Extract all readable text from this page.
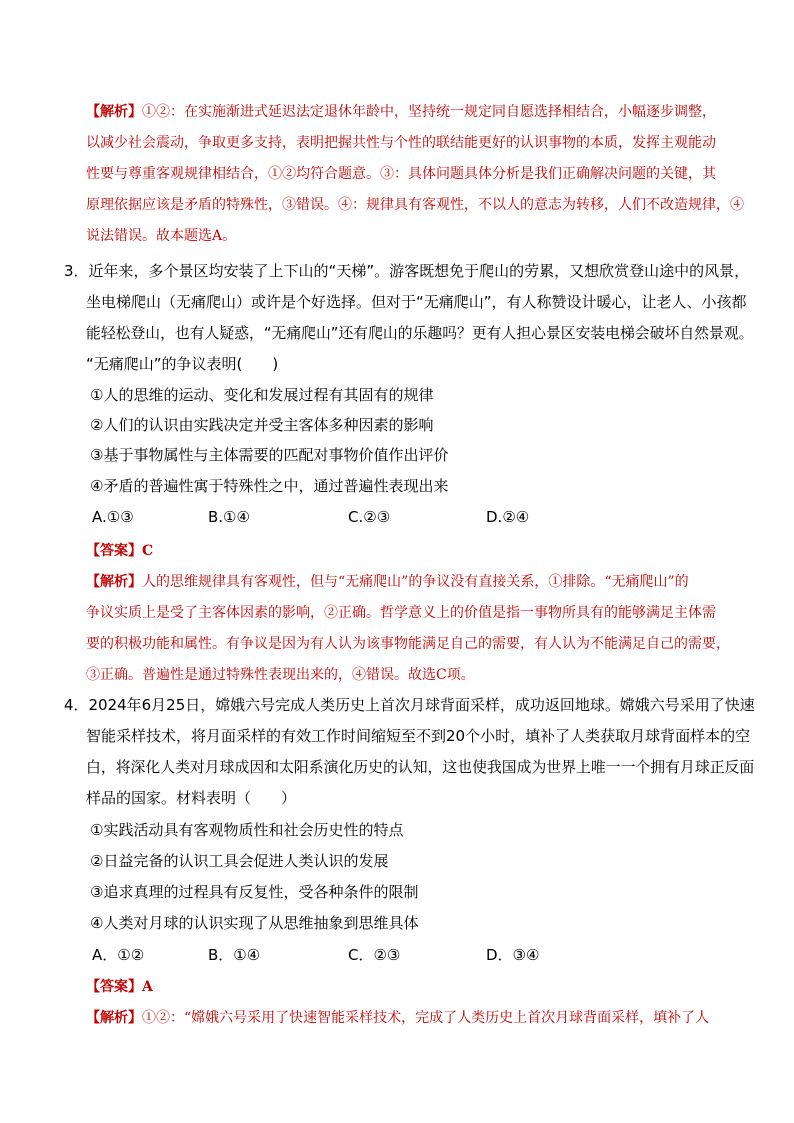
【解析】①②：在实施渐进式延迟法定退休年龄中，坚持统一规定同自愿选择相结合，小幅逐步调整，
以减少社会震动，争取更多支持，表明把握共性与个性的联结能更好的认识事物的本质，发挥主观能动
性要与尊重客观规律相结合，①②均符合题意。③：具体问题具体分析是我们正确解决问题的关键，其
原理依据应该是矛盾的特殊性，③错误。④：规律具有客观性，不以人的意志为转移，人们不改造规律，④
说法错误。故本题选A。
3．近年来，多个景区均安装了上下山的“天梯”。游客既想免于爬山的劳累，又想欣赏登山途中的风景，
坐电梯爬山（无痛爬山）或许是个好选择。但对于“无痛爬山”，有人称赞设计暖心，让老人、小孩都
能轻松登山，也有人疑惑，“无痛爬山”还有爬山的乐趣吗？更有人担心景区安装电梯会破坏自然景观。
“无痛爬山”的争议表明(　　)
①人的思维的运动、变化和发展过程有其固有的规律
②人们的认识由实践决定并受主客体多种因素的影响
③基于事物属性与主体需要的匹配对事物价值作出评价
④矛盾的普遍性寓于特殊性之中，通过普遍性表现出来
A.①③	B.①④	C.②③	D.②④
【答案】C
【解析】人的思维规律具有客观性，但与“无痛爬山”的争议没有直接关系，①排除。“无痛爬山”的
争议实质上是受了主客体因素的影响，②正确。哲学意义上的价值是指一事物所具有的能够满足主体需
要的积极功能和属性。有争议是因为有人认为该事物能满足自己的需要，有人认为不能满足自己的需要，
③正确。普遍性是通过特殊性表现出来的，④错误。故选C项。
4．2024年6月25日，嫦娥六号完成人类历史上首次月球背面采样，成功返回地球。嫦娥六号采用了快速
智能采样技术，将月面采样的有效工作时间缩短至不到20个小时，填补了人类获取月球背面样本的空
白，将深化人类对月球成因和太阳系演化历史的认知，这也使我国成为世界上唯一一个拥有月球正反面
样品的国家。材料表明（　　）
①实践活动具有客观物质性和社会历史性的特点
②日益完备的认识工具会促进人类认识的发展
③追求真理的过程具有反复性，受各种条件的限制
④人类对月球的认识实现了从思维抽象到思维具体
A．①②	B．①④	C．②③	D．③④
【答案】A
【解析】①②：“嫦娥六号采用了快速智能采样技术，完成了人类历史上首次月球背面采样，填补了人
